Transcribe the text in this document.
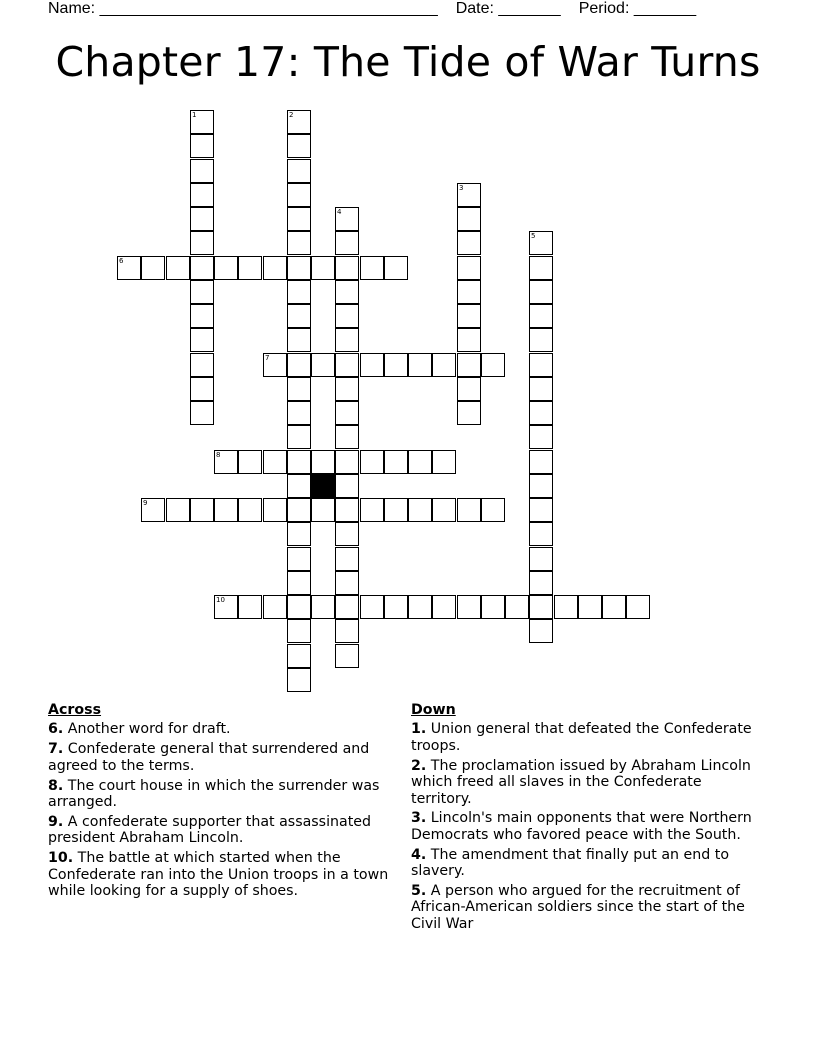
Name: ______________________________________ Date: _______ Period: _______
Chapter 17: The Tide of War Turns
1	2
3
4
5
6
7
8
9
10
Across
6. Another word for draft.
7. Confederate general that surrendered and agreed to the terms.
8. The court house in which the surrender was arranged.
9. A confederate supporter that assassinated president Abraham Lincoln.
10. The battle at which started when the Confederate ran into the Union troops in a town while looking for a supply of shoes.
Down
1. Union general that defeated the Confederate troops.
2. The proclamation issued by Abraham Lincoln which freed all slaves in the Confederate territory.
3. Lincoln's main opponents that were Northern Democrats who favored peace with the South.
4. The amendment that finally put an end to slavery.
5. A person who argued for the recruitment of African-American soldiers since the start of the Civil War
